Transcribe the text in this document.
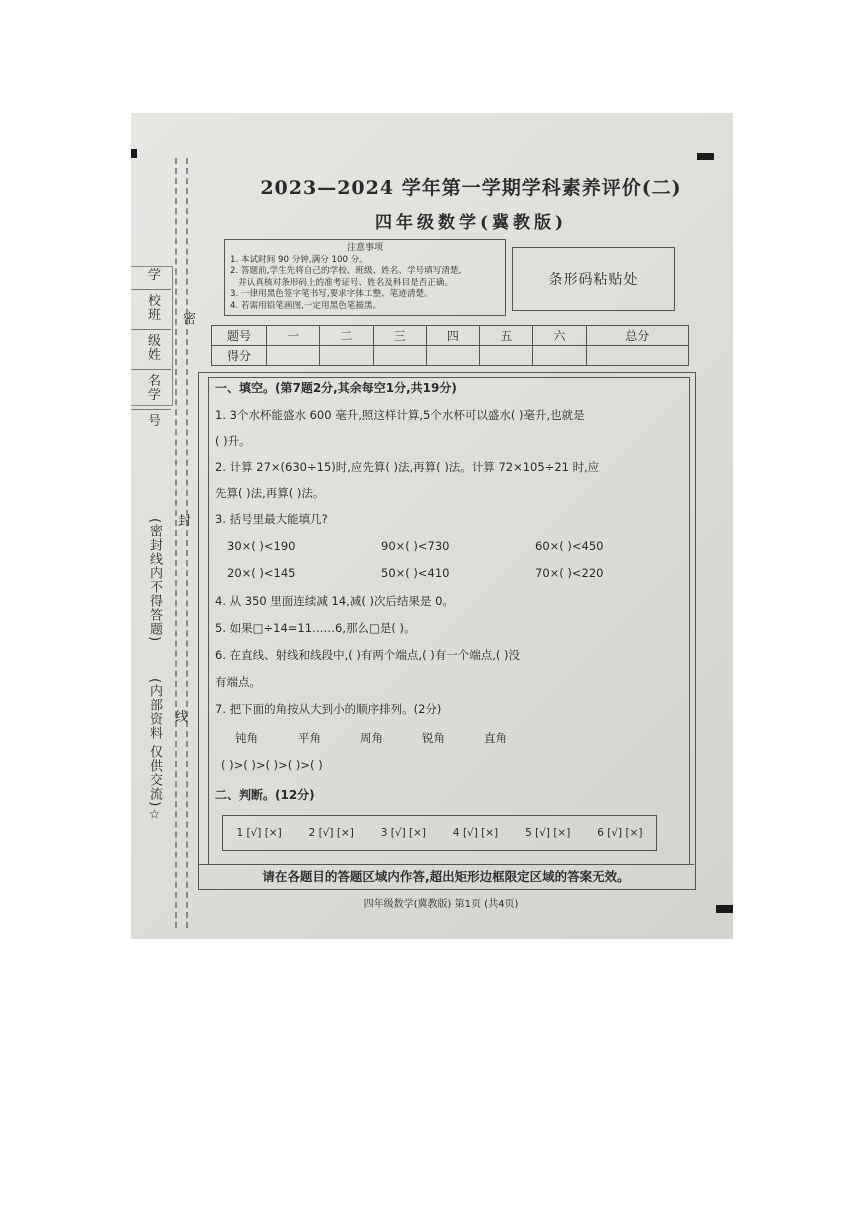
学校
班级
姓名
学号
(密封线内不得答题)
(内部资料 仅供交流)☆
密
封
线
2023—2024 学年第一学期学科素养评价(二)
四年级数学(冀教版)
注意事项
1. 本试时间 90 分钟,满分 100 分。
2. 答题前,学生先将自己的学校、班级、姓名、学号填写清楚,
并认真核对条形码上的准考证号、姓名及科目是否正确。
3. 一律用黑色签字笔书写,要求字体工整、笔迹清楚。
4. 若需用铅笔画图,一定用黑色笔描黑。
条形码粘贴处
题号	一	二	三	四	五	六	总分
得分							
一、填空。(第7题2分,其余每空1分,共19分)
1. 3个水杯能盛水 600 毫升,照这样计算,5个水杯可以盛水( )毫升,也就是
( )升。
2. 计算 27×(630÷15)时,应先算( )法,再算( )法。计算 72×105÷21 时,应
先算( )法,再算( )法。
3. 括号里最大能填几?
30×( )<190	90×( )<730	60×( )<450
20×( )<145	50×( )<410	70×( )<220
4. 从 350 里面连续减 14,减( )次后结果是 0。
5. 如果□÷14=11……6,那么□是( )。
6. 在直线、射线和线段中,( )有两个端点,( )有一个端点,( )没
有端点。
7. 把下面的角按从大到小的顺序排列。(2分)
钝角	平角	周角	锐角	直角
( )>( )>( )>( )>( )
二、判断。(12分)
1 [√] [×]	2 [√] [×]	3 [√] [×]	4 [√] [×]	5 [√] [×]	6 [√] [×]
请在各题目的答题区域内作答,超出矩形边框限定区域的答案无效。
四年级数学(冀教版) 第1页 (共4页)
